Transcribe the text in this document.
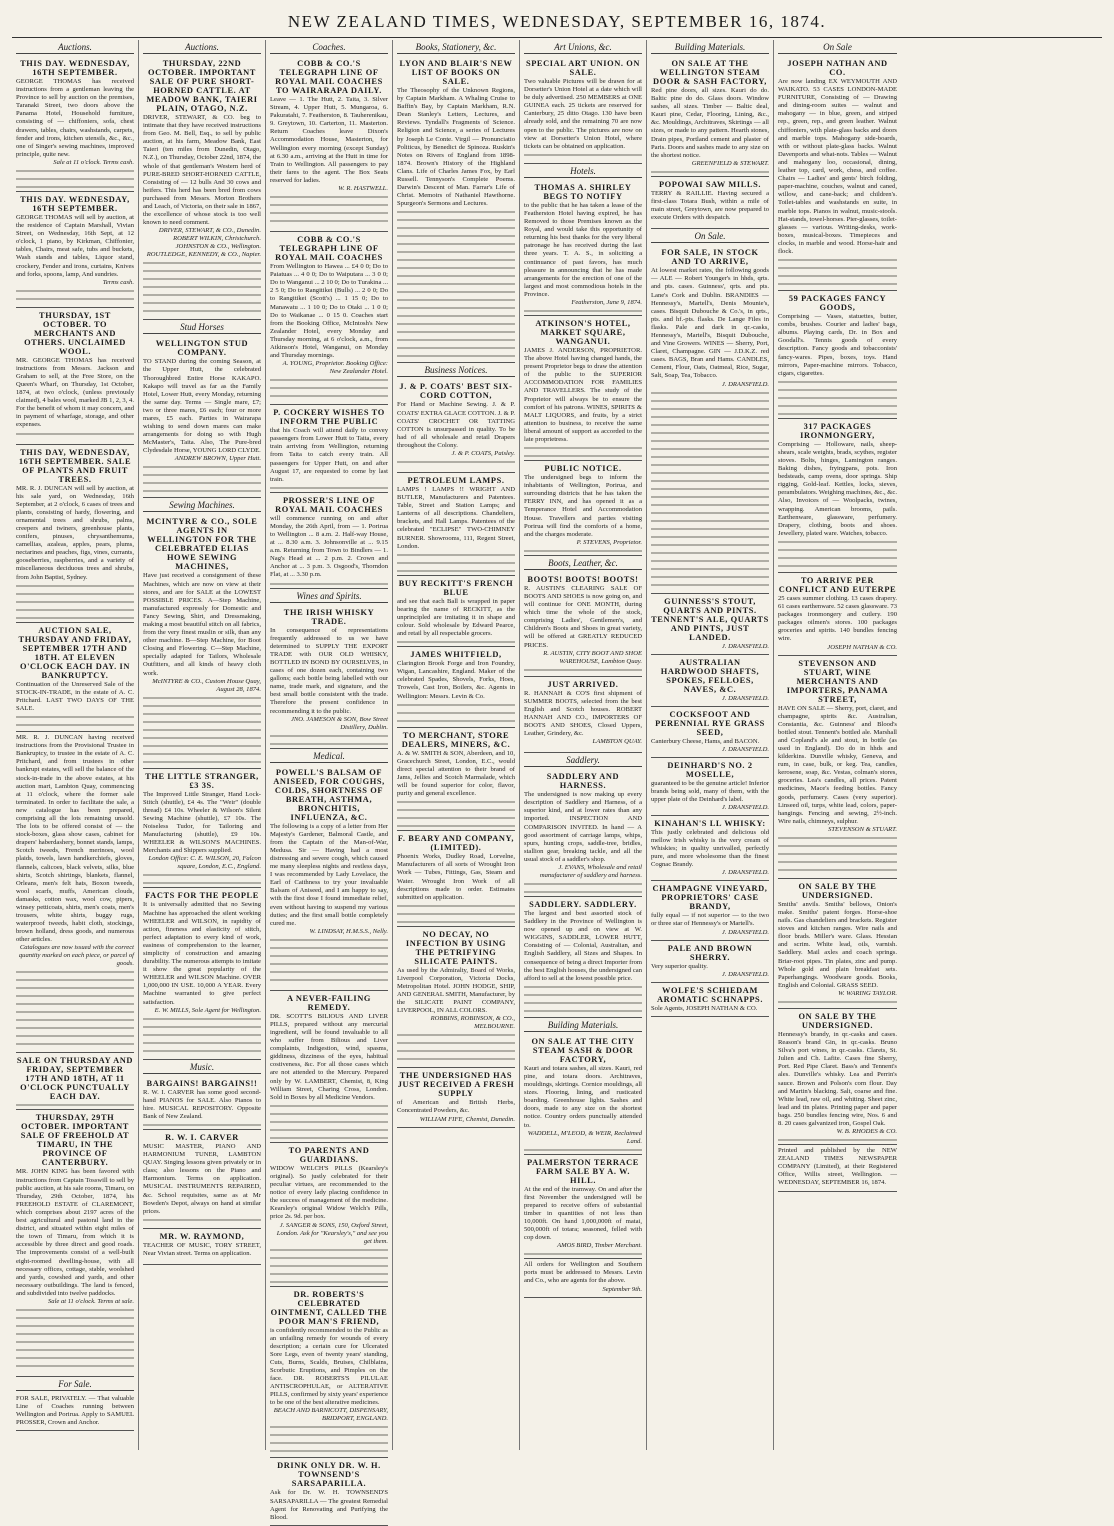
NEW ZEALAND TIMES, WEDNESDAY, SEPTEMBER 16, 1874.
Auctions.
THIS DAY. WEDNESDAY, 16TH SEPTEMBER.

GEORGE THOMAS has received instructions from a gentleman leaving the Province to sell by auction on the premises, Taranaki Street, two doors above the Panama Hotel, Household furniture, consisting of — chiffoniers, sofa, chest drawers, tables, chairs, washstands, carpets, fender and irons, kitchen utensils, &c., &c., one of Singer's sewing machines, improved principle, quite new.

Sale at 11 o'clock. Terms cash.
THIS DAY. WEDNESDAY, 16TH SEPTEMBER.

GEORGE THOMAS will sell by auction, at the residence of Captain Marshall, Vivian Street, on Wednesday, 16th Sept, at 12 o'clock, 1 piano, by Kirkman, Chiffonier, tables, Chairs, meat safe, tubs and buckets, Wash stands and tables, Liquor stand, crockery, Fender and irons, curtains, Knives and forks, spoons, lamp, And sundries.

Terms cash.
THURSDAY, 1ST OCTOBER. TO MERCHANTS AND OTHERS. UNCLAIMED WOOL.

MR. GEORGE THOMAS has received instructions from Messrs. Jackson and Graham to sell, at the Free Store, on the Queen's Wharf, on Thursday, 1st October, 1874, at two o'clock, (unless previously claimed), 4 bales wool, marked JB 1, 2, 3, 4. For the benefit of whom it may concern, and in payment of wharfage, storage, and other expenses.

THIS DAY, WEDNESDAY, 16TH SEPTEMBER. SALE OF PLANTS AND FRUIT TREES.

MR. R. J. DUNCAN will sell by auction, at his sale yard, on Wednesday, 16th September, at 2 o'clock, 6 cases of trees and plants, consisting of hardy, flowering, and ornamental trees and shrubs, palms, creepers and twiners, greenhouse plants, conifers, pinuses, chrysanthemums, camellias, azaleas, apples, pears, plums, nectarines and peaches, figs, vines, currants, gooseberries, raspberries, and a variety of miscellaneous deciduous trees and shrubs, from John Baptist, Sydney.

AUCTION SALE, THURSDAY AND FRIDAY, SEPTEMBER 17TH AND 18TH. AT ELEVEN O'CLOCK EACH DAY. IN BANKRUPTCY.

Continuation of the Unreserved Sale of the STOCK-IN-TRADE, in the estate of A. C. Pritchard. LAST TWO DAYS OF THE SALE.

MR. R. J. DUNCAN having received instructions from the Provisional Trustee in Bankruptcy, to trustee in the estate of A. C. Pritchard, and from trustees in other bankrupt estates, will sell the balance of the stock-in-trade in the above estates, at his auction mart, Lambton Quay, commencing at 11 o'clock, where the former sale terminated. In order to facilitate the sale, a new catalogue has been prepared, comprising all the lots remaining unsold. The lots to be offered consist of — the stock-boxes, glass show cases, cabinet for drapers' haberdashery, bonnet stands, lamps, Scotch tweeds, French merinoes, wool plaids, towels, lawn handkerchiefs, gloves, flannels, calicoes, black velvets, silks, blue shirts, Scotch shirtings, blankets, flannel, Orleans, men's felt hats, Boxon tweeds, wool scarfs, muffs, American clouds, damasks, cotton wax, wool cow, pipers, winsey petticoats, shirts, men's coats, men's trousers, white shirts, buggy rugs, waterproof tweeds, habit cloth, stockings, brown holland, dress goods, and numerous other articles.

Catalogues are now issued with the correct quantity marked on each piece, or parcel of goods.
SALE ON THURSDAY AND FRIDAY, SEPTEMBER 17TH AND 18TH, AT 11 O'CLOCK PUNCTUALLY EACH DAY.
THURSDAY, 29TH OCTOBER. IMPORTANT SALE OF FREEHOLD AT TIMARU, IN THE PROVINCE OF CANTERBURY.

MR. JOHN KING has been favored with instructions from Captain Tosswill to sell by public auction, at his sale rooms, Timaru, on Thursday, 29th October, 1874, his FREEHOLD ESTATE of CLAREMONT, which comprises about 2197 acres of the best agricultural and pastoral land in the district, and situated within eight miles of the town of Timaru, from which it is accessible by three direct and good roads. The improvements consist of a well-built eight-roomed dwelling-house, with all necessary offices, cottage, stable, woolshed and yards, cowshed and yards, and other necessary outbuildings. The land is fenced, and subdivided into twelve paddocks.

Sale at 11 o'clock. Terms at sale.
For Sale.

FOR SALE, PRIVATELY. — That valuable Line of Coaches running between Wellington and Porirua. Apply to SAMUEL PROSSER, Crown and Anchor.

Auctions.
THURSDAY, 22ND OCTOBER. IMPORTANT SALE OF PURE SHORT-HORNED CATTLE. AT MEADOW BANK, TAIERI PLAIN, OTAGO, N.Z.

DRIVER, STEWART, & CO. beg to intimate that they have received instructions from Geo. M. Bell, Esq., to sell by public auction, at his farm, Meadow Bank, East Taieri (ten miles from Dunedin, Otago, N.Z.), on Thursday, October 22nd, 1874, the whole of that gentleman's Western herd of PURE-BRED SHORT-HORNED CATTLE, Consisting of — 12 bulls And 30 cows and heifers. This herd has been bred from cows purchased from Messrs. Morton Brothers and Leach, of Victoria, on their sale in 1867, the excellence of whose stock is too well known to need comment.

DRIVER, STEWART, & CO., Dunedin. ROBERT WILKIN, Christchurch. JOHNSTON & CO., Wellington. ROUTLEDGE, KENNEDY, & CO., Napier.
Stud Horses
WELLINGTON STUD COMPANY.

TO STAND during the coming Season, at the Upper Hutt, the celebrated Thoroughbred Entire Horse KAKAPO. Kakapo will travel as far as the Family Hotel, Lower Hutt, every Monday, returning the same day. Terms — Single mare, £7; two or three mares, £6 each; four or more mares, £5 each. Parties in Wairarapa wishing to send down mares can make arrangements for doing so with Hugh McMaster's, Taita. Also, The Pure-bred Clydesdale Horse, YOUNG LORD CLYDE.

ANDREW BROWN, Upper Hutt.
Sewing Machines.
MCINTYRE & CO., SOLE AGENTS IN WELLINGTON FOR THE CELEBRATED ELIAS HOWE SEWING MACHINES,

Have just received a consignment of these Machines, which are now on view at their stores, and are for SALE at the LOWEST POSSIBLE PRICES. A—Step Machine, manufactured expressly for Domestic and Fancy Sewing, Shirt, and Dressmaking, making a most beautiful stitch on all fabrics, from the very finest muslin or silk, than any other machine. B—Step Machine, for Boot Closing and Flowering. C—Step Machine, specially adapted for Tailors, Wholesale Outfitters, and all kinds of heavy cloth work.

McINTYRE & CO., Custom House Quay, August 28, 1874.
THE LITTLE STRANGER, £3 3S.

The Improved Little Stranger, Hand Lock-Stitch (shuttle), £4 4s. The "Weir" (double thread) £4 10s. Wheeler & Wilson's Silent Sewing Machine (shuttle), £7 10s. The Noiseless Tudor, for Tailoring and Manufacturing (shuttle), £9 10s. WHEELER & WILSON'S MACHINES. Merchants and Shippers supplied.

London Office: C. E. WILSON, 20, Falcon square, London, E.C., England.
FACTS FOR THE PEOPLE

It is universally admitted that no Sewing Machine has approached the silent working WHEELER and WILSON, in rapidity of action, fineness and elasticity of stitch, perfect adaptation to every kind of work, easiness of comprehension to the learner, simplicity of construction and amazing durability. The numerous attempts to imitate it show the great popularity of the WHEELER and WILSON Machine. OVER 1,000,000 IN USE. 10,000 A YEAR. Every Machine warranted to give perfect satisfaction.

E. W. MILLS, Sole Agent for Wellington.
Music.
BARGAINS! BARGAINS!!

R. W. I. CARVER has some good second-hand PIANOS for SALE. Also Pianos to hire. MUSICAL REPOSITORY. Opposite Bank of New Zealand.

R. W. I. CARVER

MUSIC MASTER, PIANO AND HARMONIUM TUNER, LAMBTON QUAY. Singing lessons given privately or in class; also lessons on the Piano and Harmonium. Terms on application. MUSICAL INSTRUMENTS REPAIRED, &c. School requisites, same as at Mr Bowden's Depot, always on hand at similar prices.

MR. W. RAYMOND,

TEACHER OF MUSIC, TORY STREET, Near Vivian street. Terms on application.

Coaches.
COBB & CO.'S TELEGRAPH LINE OF ROYAL MAIL COACHES TO WAIRARAPA DAILY.

Leave — 1. The Hutt, 2. Taita, 3. Silver Stream, 4. Upper Hutt, 5. Mungaroa, 6. Pakuratahi, 7. Featherston, 8. Tauherenikau, 9. Greytown, 10. Carterton, 11. Masterton. Return Coaches leave Dixon's Accommodation House, Masterton, for Wellington every morning (except Sunday) at 6.30 a.m., arriving at the Hutt in time for Train to Wellington. All passengers to pay their fares to the agent. The Box Seats reserved for ladies.

W. R. HASTWELL.
COBB & CO.'S TELEGRAPH LINE OF ROYAL MAIL COACHES

From Wellington to Hawea ... £4 0 0; Do to Paiatuas ... 4 0 0; Do to Waiputara ... 3 0 0; Do to Wanganui ... 2 10 0; Do to Turakina ... 2 5 0; Do to Rangitikei (Bulls) ... 2 0 0; Do to Rangitikei (Scott's) ... 1 15 0; Do to Manawatu ... 1 10 0; Do to Otaki ... 1 0 0; Do to Waikanae ... 0 15 0. Coaches start from the Booking Office, McIntosh's New Zealander Hotel, every Monday and Thursday morning, at 6 o'clock, a.m., from Atkinson's Hotel, Wanganui, on Monday and Thursday mornings.

A. YOUNG, Proprietor. Booking Office: New Zealander Hotel.
P. COCKERY WISHES TO INFORM THE PUBLIC

that his Coach will attend daily to convey passengers from Lower Hutt to Taita, every train arriving from Wellington, returning from Taita to catch every train. All passengers for Upper Hutt, on and after August 17, are requested to come by last train.

PROSSER'S LINE OF ROYAL MAIL COACHES

will commence running on and after Monday, the 26th April, from — 1. Porirua to Wellington ... 8 a.m. 2. Half-way House, at ... 8.30 a.m. 3. Johnsonville at ... 9.15 a.m. Returning from Town to Bindlers — 1. Nag's Head at ... 2 p.m. 2. Crown and Anchor at ... 3 p.m. 3. Osgood's, Thorndon Flat, at ... 3.30 p.m.

Wines and Spirits.
THE IRISH WHISKY TRADE.

In consequence of representations frequently addressed to us we have determined to SUPPLY THE EXPORT TRADE with OUR OLD WHISKY, BOTTLED IN BOND BY OURSELVES, in cases of one dozen each, containing two gallons; each bottle being labelled with our name, trade mark, and signature, and the best small bottle consistent with the trade. Therefore the present confidence in recommending it to the public.

JNO. JAMESON & SON, Bow Street Distillery, Dublin.
Medical.
POWELL'S BALSAM OF ANISEED, FOR COUGHS, COLDS, SHORTNESS OF BREATH, ASTHMA, BRONCHITIS, INFLUENZA, &C.

The following is a copy of a letter from Her Majesty's Gardener, Balmoral Castle, and from the Captain of the Man-of-War, Medusa. Sir — Having had a most distressing and severe cough, which caused me many sleepless nights and restless days, I was recommended by Lady Lovelace, the Earl of Caithness to try your invaluable Balsam of Aniseed, and I am happy to say, with the first dose I found immediate relief, even without having to suspend my various duties; and the first small bottle completely cured me.

W. LINDSAY, H.M.S.S., Nelly.
A NEVER-FAILING REMEDY.

DR. SCOTT'S BILIOUS AND LIVER PILLS, prepared without any mercurial ingredient, will be found invaluable to all who suffer from Bilious and Liver complaints, Indigestion, wind, spasms, giddiness, dizziness of the eyes, habitual costiveness, &c. For all those cases which are not attended to the Mercury. Prepared only by W. LAMBERT, Chemist, 8, King William Street, Charing Cross, London. Sold in Boxes by all Medicine Vendors.

TO PARENTS AND GUARDIANS.

WIDOW WELCH'S PILLS (Kearsley's original). So justly celebrated for their peculiar virtues, are recommended to the notice of every lady placing confidence in the success of management of the medicine. Kearsley's original Widow Welch's Pills, price 2s. 9d. per box.

J. SANGER & SONS, 150, Oxford Street, London. Ask for "Kearsley's," and see you get them.
DR. ROBERTS'S CELEBRATED OINTMENT, CALLED THE POOR MAN'S FRIEND,

is confidently recommended to the Public as an unfailing remedy for wounds of every description; a certain cure for Ulcerated Sore Legs, even of twenty years' standing, Cuts, Burns, Scalds, Bruises, Chilblains, Scorbutic Eruptions, and Pimples on the face. DR. ROBERTS'S PILULAE ANTISCROPHULAE, or ALTERATIVE PILLS, confirmed by sixty years' experience to be one of the best alterative medicines.

BEACH AND BARNICOTT, DISPENSARY, BRIDPORT, ENGLAND.
DRINK ONLY DR. W. H. TOWNSEND'S SARSAPARILLA.

Ask for Dr. W. H. TOWNSEND'S SARSAPARILLA — The greatest Remedial Agent for Renovating and Purifying the Blood.

Books, Stationery, &c.
LYON AND BLAIR'S NEW LIST OF BOOKS ON SALE.

The Theosophy of the Unknown Regions, by Captain Markham. A Whaling Cruise to Baffin's Bay, by Captain Markham, R.N. Dean Stanley's Letters, Lectures, and Reviews. Tyndall's Fragments of Science. Religion and Science, a series of Lectures by Joseph Le Conte. Virgil — Pronunciatio Politicus, by Benedict de Spinoza. Ruskin's Notes on Rivers of England from 1898-1874. Brown's History of the Highland Clans. Life of Charles James Fox, by Earl Russell. Tennyson's Complete Poems. Darwin's Descent of Man. Farrar's Life of Christ. Memoirs of Nathaniel Hawthorne. Spurgeon's Sermons and Lectures.

Business Notices.
J. & P. COATS' BEST SIX-CORD COTTON,

For Hand or Machine Sewing. J. & P. COATS' EXTRA GLACE COTTON. J. & P. COATS' CROCHET OR TATTING COTTON is unsurpassed in quality. To be had of all wholesale and retail Drapers throughout the Colony.

J. & P. COATS, Paisley.
PETROLEUM LAMPS.

LAMPS ! LAMPS !! WRIGHT AND BUTLER, Manufacturers and Patentees. Table, Street and Station Lamps; and Lanterns of all descriptions. Chandeliers, brackets, and Hall Lamps. Patentees of the celebrated "ECLIPSE" TWO-CHIMNEY BURNER. Showrooms, 111, Regent Street, London.

BUY RECKITT'S FRENCH BLUE

and see that each Ball is wrapped in paper bearing the name of RECKITT, as the unprincipled are imitating it in shape and colour. Sold wholesale by Edward Pearce, and retail by all respectable grocers.

JAMES WHITFIELD,

Clarington Brook Forge and Iron Foundry, Wigan, Lancashire, England. Maker of the celebrated Spades, Shovels, Forks, Hoes, Trowels, Cast Iron, Boilers, &c. Agents in Wellington: Messrs. Levin & Co.

TO MERCHANT, STORE DEALERS, MINERS, &C.

A. & W. SMITH & SON, Aberdeen, and 10, Gracechurch Street, London, E.C., would direct special attention to their brand of Jams, Jellies and Scotch Marmalade, which will be found superior for color, flavor, purity and general excellence.

F. BEARY AND COMPANY, (LIMITED).

Phoenix Works, Dudley Road, Lorvelne, Manufacturers of all sorts of Wrought Iron Work — Tubes, Fittings, Gas, Steam and Water. Wrought Iron Work of all descriptions made to order. Estimates submitted on application.

NO DECAY, NO INFECTION BY USING THE PETRIFYING SILICATE PAINTS.

As used by the Admiralty, Board of Works, Liverpool Corporation, Victoria Docks, Metropolitan Hotel. JOHN HODGE, SHIP, AND GENERAL SMITH, Manufacturer, by the SILICATE PAINT COMPANY, LIVERPOOL, IN ALL COLORS.

ROBBINS, ROBINSON, & CO., MELBOURNE.
THE UNDERSIGNED HAS JUST RECEIVED A FRESH SUPPLY

of American and British Herbs, Concentrated Powders, &c.

WILLIAM FIFE, Chemist, Dunedin.
Art Unions, &c.
SPECIAL ART UNION. ON SALE.

Two valuable Pictures will be drawn for at Dorsetter's Union Hotel at a date which will be duly advertised. 250 MEMBERS at ONE GUINEA each. 25 tickets are reserved for Canterbury, 25 ditto Otago. 130 have been already sold, and the remaining 70 are now open to the public. The pictures are now on view at Dorsetter's Union Hotel, where tickets can be obtained on application.

Hotels.
THOMAS A. SHIRLEY BEGS TO NOTIFY

to the public that he has taken a lease of the Featherston Hotel having expired, he has Removed to those Premises known as the Royal, and would take this opportunity of returning his best thanks for the very liberal patronage he has received during the last three years. T. A. S., in soliciting a continuance of past favors, has much pleasure in announcing that he has made arrangements for the erection of one of the largest and most commodious hotels in the Province.

Featherston, June 9, 1874.
ATKINSON'S HOTEL, MARKET SQUARE, WANGANUI.

JAMES J. ANDERSON, PROPRIETOR. The above Hotel having changed hands, the present Proprietor begs to draw the attention of the public to the SUPERIOR ACCOMMODATION FOR FAMILIES AND TRAVELLERS. The study of the Proprietor will always be to ensure the comfort of his patrons. WINES, SPIRITS & MALT LIQUORS, and fruits, by a strict attention to business, to receive the same liberal amount of support as accorded to the late proprietress.

PUBLIC NOTICE.

The undersigned begs to inform the inhabitants of Wellington, Porirua, and surrounding districts that he has taken the FERRY INN, and has opened it as a Temperance Hotel and Accommodation House. Travellers and parties visiting Porirua will find the comforts of a home, and the charges moderate.

P. STEVENS, Proprietor.
Boots, Leather, &c.
BOOTS! BOOTS! BOOTS!

R. AUSTIN'S CLEARING SALE OF BOOTS AND SHOES is now going on, and will continue for ONE MONTH, during which time the whole of the stock, comprising Ladies', Gentlemen's, and Children's Boots and Shoes in great variety, will be offered at GREATLY REDUCED PRICES.

R. AUSTIN, CITY BOOT AND SHOE WAREHOUSE, Lambton Quay.
JUST ARRIVED.

R. HANNAH & CO'S first shipment of SUMMER BOOTS, selected from the best English and Scotch houses. ROBERT HANNAH AND CO., IMPORTERS OF BOOTS AND SHOES, Closed Uppers, Leather, Grindery, &c.

LAMBTON QUAY.
Saddlery.
SADDLERY AND HARNESS.

The undersigned is now making up every description of Saddlery and Harness, of a superior kind, and at lower rates than any imported. INSPECTION AND COMPARISON INVITED. In hand — A good assortment of carriage lamps, whips, spurs, hunting crops, saddle-tree, bridles, stallion gear, breaking tackle, and all the usual stock of a saddler's shop.

J. EVANS, Wholesale and retail manufacturer of saddlery and harness.
SADDLERY. SADDLERY.

The largest and best assorted stock of Saddlery in the Province of Wellington is now opened up and on view at W. WIGGINS, SADDLER, LOWER HUTT, Consisting of — Colonial, Australian, and English Saddlery, all Sizes and Shapes. In consequence of being a direct Importer from the best English houses, the undersigned can afford to sell at the lowest possible price.

Building Materials.
ON SALE AT THE CITY STEAM SASH & DOOR FACTORY,

Kauri and totara sashes, all sizes. Kauri, red pine, and totara doors. Architraves, mouldings, skirtings. Cornice mouldings, all sizes. Flooring, lining, and rusticated boarding. Greenhouse lights. Sashes and doors, made to any size on the shortest notice. Country orders punctually attended to.

WADDELL, M'LEOD, & WEIR, Reclaimed Land.
PALMERSTON TERRACE FARM SALE BY A. W. HILL.

At the end of the tramway. On and after the first November the undersigned will be prepared to receive offers of substantial timber in quantities of not less than 10,000ft. On hand 1,000,000ft of matai, 500,000ft of totara; seasoned, felled with cop down.

AMOS BIRD, Timber Merchant.

All orders for Wellington and Southern ports must be addressed to Messrs. Levin and Co., who are agents for the above.

September 9th.
Building Materials.
ON SALE AT THE WELLINGTON STEAM DOOR & SASH FACTORY,

Red pine doors, all sizes. Kauri do do. Baltic pine do do. Glass doors. Window sashes, all sizes. Timber — Baltic deal, Kauri pine, Cedar, Flooring, Lining, &c., &c. Mouldings, Architraves, Skirtings — all sizes, or made to any pattern. Hearth stones, Drain pipes, Portland cement and plaster of Paris. Doors and sashes made to any size on the shortest notice.

GREENFIELD & STEWART.
POPOWAI SAW MILLS.

TERRY & RAILLIE. Having secured a first-class Totara Bush, within a mile of main street, Greytown, are now prepared to execute Orders with despatch.

On Sale.
FOR SALE, IN STOCK AND TO ARRIVE,

At lowest market rates, the following goods — ALE — Robert Younger's in hhds, qrts. and pts. cases. Guinness', qrts. and pts. Lane's Cork and Dublin. BRANDIES — Hennessy's, Martell's, Denis Mounie's, cases. Bisquit Dubouche & Co.'s, in qrts., pts. and hf.-pts. flasks. De Lange Files in flasks. Pale and dark in qr.-casks, Hennessy's, Martell's, Bisquit Dubouche, and Vine Growers. WINES — Sherry, Port, Claret, Champagne. GIN — J.D.K.Z. red cases. BAGS, Bran and Hams. CANDLES, Cement, Flour, Oats, Oatmeal, Rice, Sugar, Salt, Soap, Tea, Tobacco.

J. DRANSFIELD.
GUINNESS'S STOUT, QUARTS AND PINTS. TENNENT'S ALE, QUARTS AND PINTS, JUST LANDED.
J. DRANSFIELD.
AUSTRALIAN HARDWOOD SHAFTS, SPOKES, FELLOES, NAVES, &C.
J. DRANSFIELD.
COCKSFOOT AND PERENNIAL RYE GRASS SEED,

Canterbury Cheese, Hams, and BACON.

J. DRANSFIELD.
DEINHARD'S NO. 2 MOSELLE,

guaranteed to be the genuine article! Inferior brands being sold, many of them, with the upper plate of the Deinhard's label.

J. DRANSFIELD.
KINAHAN'S LL WHISKY:

This justly celebrated and delicious old mellow Irish whisky is the very cream of Whiskies; in quality unrivalled, perfectly pure, and more wholesome than the finest Cognac Brandy.

J. DRANSFIELD.
CHAMPAGNE VINEYARD, PROPRIETORS' CASE BRANDY,

fully equal — if not superior — to the two or three star of Hennessy's or Martell's.

J. DRANSFIELD.
PALE AND BROWN SHERRY.

Very superior quality.

J. DRANSFIELD.
WOLFE'S SCHIEDAM AROMATIC SCHNAPPS.

Sole Agents, JOSEPH NATHAN & CO.

On Sale
JOSEPH NATHAN AND CO.

Are now landing EX WEYMOUTH AND WAIKATO. 53 CASES LONDON-MADE FURNITURE, Consisting of — Drawing and dining-room suites — walnut and mahogany — in blue, green, and striped rep., green, rep., and green leather. Walnut chiffoniers, with plate-glass backs and doors and marble tops. Mahogany side-boards, with or without plate-glass backs. Walnut Davenports and what-nots. Tables — Walnut and mahogany loo, occasional, dining, leather top, card, work, chess, and coffee. Chairs — Ladies' and gents' birch folding, paper-machine, couches, walnut and caned, willow, and cane-back; and children's. Toilet-tables and washstands en suite, in marble tops. Pianos in walnut, music-stools. Hat-stands, towel-horses. Pier-glasses, toilet-glasses — various. Writing-desks, work-boxes, musical-boxes. Timepieces and clocks, in marble and wood. Horse-hair and flock.

59 PACKAGES FANCY GOODS,

Comprising — Vases, statuettes, butter, combs, brushes. Courier and ladies' bags, albums. Playing cards, Dr. in Box and Goodall's. Tennis goods of every description. Fancy goods and tobacconists' fancy-wares. Pipes, boxes, toys. Hand mirrors, Paper-machine mirrors. Tobacco, cigars, cigarettes.

317 PACKAGES IRONMONGERY,

Comprising — Holloware, nails, sheep-shears, scale weights, brads, scythes, register stoves. Bolts, hinges, Lamington ranges. Baking dishes, fryingpans, pots. Iron bedsteads, camp ovens, door springs. Ship rigging, Gold-leaf. Kettles, locks, sieves, perambulators. Weighing machines, &c., &c. Also, Invoices of — Woolpacks, twines, wrapping. American brooms, pails. Earthenware, glassware, perfumery. Drapery, clothing, boots and shoes. Jewellery, plated ware. Watches, tobacco.

TO ARRIVE PER CONFLICT AND EUTERPE

25 cases summer clothing. 13 cases drapery. 61 cases earthenware. 52 cases glassware. 73 packages ironmongery and cutlery. 190 packages oilmen's stores. 100 packages groceries and spirits. 140 bundles fencing wire.

JOSEPH NATHAN & CO.
STEVENSON AND STUART, WINE MERCHANTS AND IMPORTERS, PANAMA STREET,

HAVE ON SALE — Sherry, port, claret, and champagne, spirits &c. Australian, Constantia, &c. Guinness' and Blood's bottled stout. Tennent's bottled ale. Marshall and Copland's ale and stout, in bottle (as used in England). Do do in hhds and kilderkins. Dunville whisky, Geneva, and rum, in case, bulk, or keg. Tea, candles, kerosene, soap, &c. Vestas, colman's stores, groceries. Lea's candles, all prices. Patent medicines, Mace's feeding bottles. Fancy goods, perfumery. Cases (very superior). Linseed oil, turps, white lead, colors, paper-hangings. Fencing and sewing, 2½-inch. Wire nails, chimneys, sulphur.

STEVENSON & STUART.
ON SALE BY THE UNDERSIGNED.

Smiths' anvils. Smiths' bellows, Onion's make. Smiths' patent forges. Horse-shoe nails. Gas chandeliers and brackets. Register stoves and kitchen ranges. Wire nails and floor brads. Miller's ware. Glass. Hessian and scrim. White lead, oils, varnish. Saddlery. Mail axles and coach springs. Briar-root pipes. Tin plates, zinc and pump. Whole gold and plain breakfast sets. Paperhangings. Woodware goods. Books, English and Colonial. GRASS SEED.

W. WARING TAYLOR.
ON SALE BY THE UNDERSIGNED.

Hennessy's brandy, in qr.-casks and cases. Reason's brand Gin, in qr.-casks. Bruno Silva's port wines, in qr.-casks. Clarets, St. Julien and Ch. Lafite. Cases fine Sherry, Port. Red Pipe Claret. Bass's and Tennent's ales. Dunville's whisky. Lea and Perrin's sauce. Brown and Polson's corn flour. Day and Martin's blacking. Salt, coarse and fine. White lead, raw oil, and whiting. Sheet zinc, lead and tin plates. Printing paper and paper bags. 250 bundles fencing wire, Nos. 6 and 8. 20 cases galvanized iron, Gospel Oak.

W. B. RHODES & CO.

Printed and published by the NEW ZEALAND TIMES NEWSPAPER COMPANY (Limited), at their Registered Office, Willis street, Wellington. — WEDNESDAY, SEPTEMBER 16, 1874.
